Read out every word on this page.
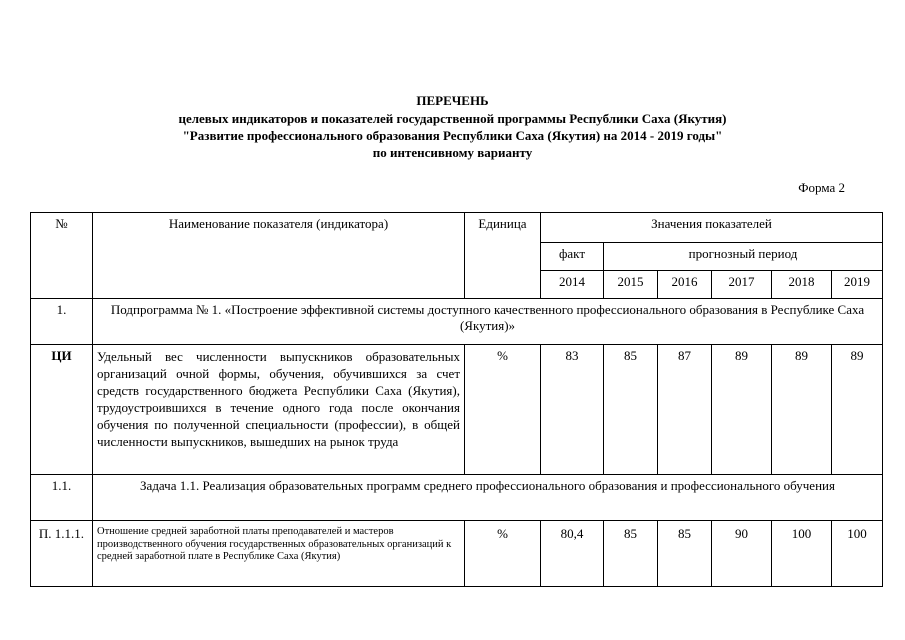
ПЕРЕЧЕНЬ
целевых индикаторов и показателей государственной программы Республики Саха (Якутия)
"Развитие профессионального образования Республики Саха (Якутия) на 2014 - 2019 годы"
по интенсивному варианту
Форма 2
№	Наименование показателя (индикатора)	Единица	Значения показателей					
			факт	прогнозный период				
			2014	2015	2016	2017	2018	2019
1.	Подпрограмма № 1. «Построение эффективной системы доступного качественного профессионального образования в Республике Саха (Якутия)»							
ЦИ	Удельный вес численности выпускников образовательных организаций очной формы, обучения, обучившихся за счет средств государственного бюджета Республики Саха (Якутия), трудоустроившихся в течение одного года после окончания обучения по полученной специальности (профессии), в общей численности выпускников, вышедших на рынок труда	%	83	85	87	89	89	89
1.1.	Задача 1.1. Реализация образовательных программ среднего профессионального образования и профессионального обучения							
П. 1.1.1.	Отношение средней заработной платы преподавателей и мастеров производственного обучения государственных образовательных организаций к средней заработной плате в Республике Саха (Якутия)	%	80,4	85	85	90	100	100
